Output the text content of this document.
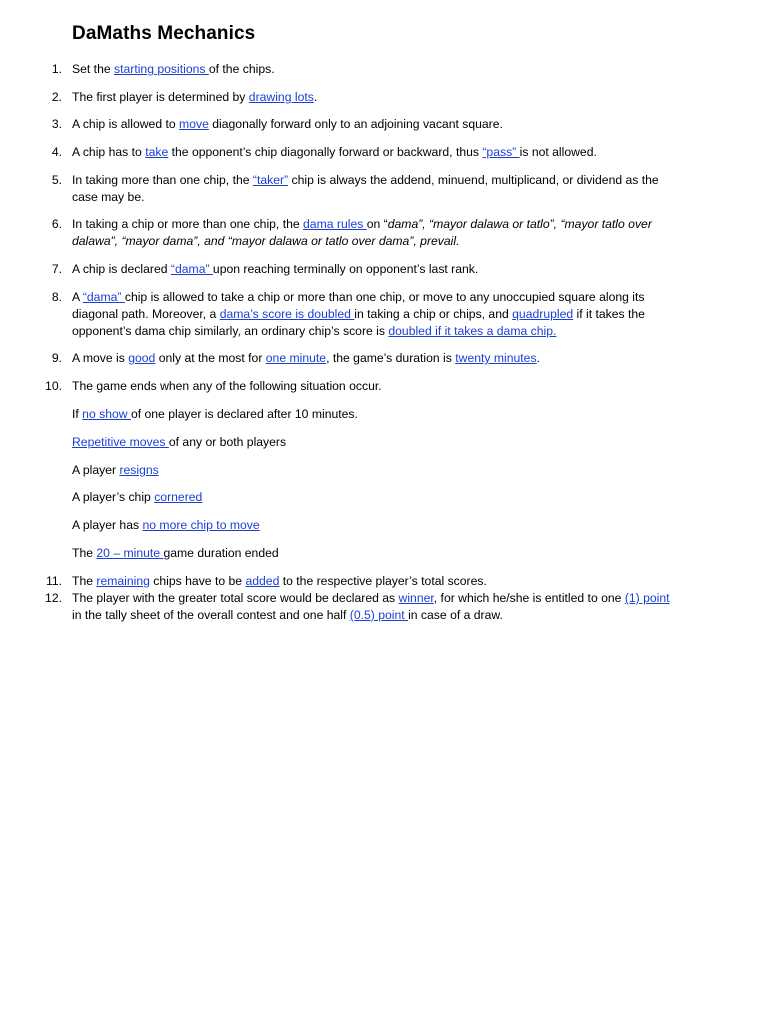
DaMaths Mechanics
1. Set the starting positions of the chips.
2. The first player is determined by drawing lots.
3. A chip is allowed to move diagonally forward only to an adjoining vacant square.
4. A chip has to take the opponent’s chip diagonally forward or backward, thus “pass” is not allowed.
5. In taking more than one chip, the “taker” chip is always the addend, minuend, multiplicand, or dividend as the case may be.
6. In taking a chip or more than one chip, the dama rules on “dama”, “mayor dalawa or tatlo”, “mayor tatlo over dalawa”, “mayor dama”, and “mayor dalawa or tatlo over dama”, prevail.
7. A chip is declared “dama” upon reaching terminally on opponent’s last rank.
8. A “dama” chip is allowed to take a chip or more than one chip, or move to any unoccupied square along its diagonal path. Moreover, a dama’s score is doubled in taking a chip or chips, and quadrupled if it takes the opponent’s dama chip similarly, an ordinary chip’s score is doubled if it takes a dama chip.
9. A move is good only at the most for one minute, the game’s duration is twenty minutes.
10. The game ends when any of the following situation occur.
If no show of one player is declared after 10 minutes.
Repetitive moves of any or both players
A player resigns
A player’s chip cornered
A player has no more chip to move
The 20 – minute game duration ended
11. The remaining chips have to be added to the respective player’s total scores.
12. The player with the greater total score would be declared as winner, for which he/she is entitled to one (1) point in the tally sheet of the overall contest and one half (0.5) point in case of a draw.
